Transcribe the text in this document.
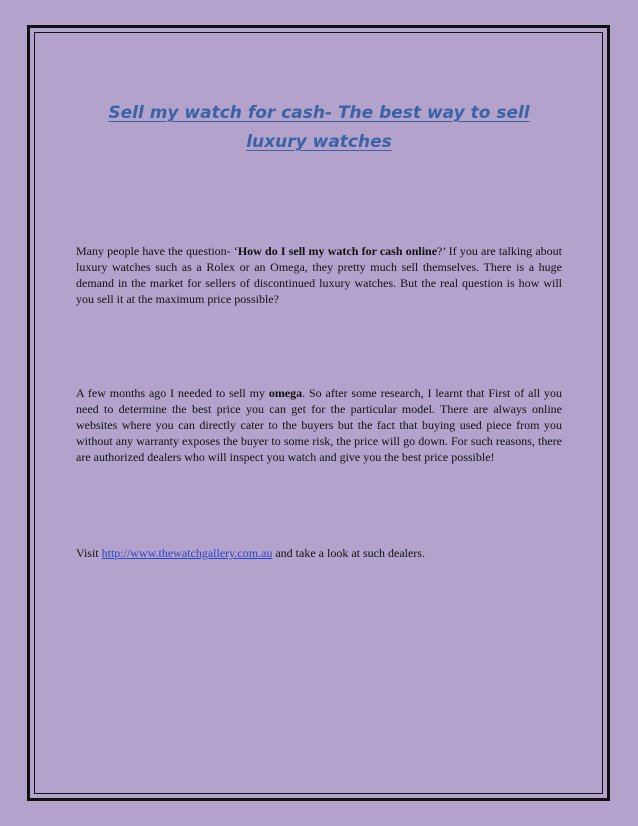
Sell my watch for cash- The best way to sell luxury watches

Many people have the question- ‘How do I sell my watch for cash online?’ If you are talking about luxury watches such as a Rolex or an Omega, they pretty much sell themselves. There is a huge demand in the market for sellers of discontinued luxury watches. But the real question is how will you sell it at the maximum price possible?

A few months ago I needed to sell my omega. So after some research, I learnt that First of all you need to determine the best price you can get for the particular model. There are always online websites where you can directly cater to the buyers but the fact that buying used piece from you without any warranty exposes the buyer to some risk, the price will go down. For such reasons, there are authorized dealers who will inspect you watch and give you the best price possible!

Visit http://www.thewatchgallery.com.au and take a look at such dealers.
